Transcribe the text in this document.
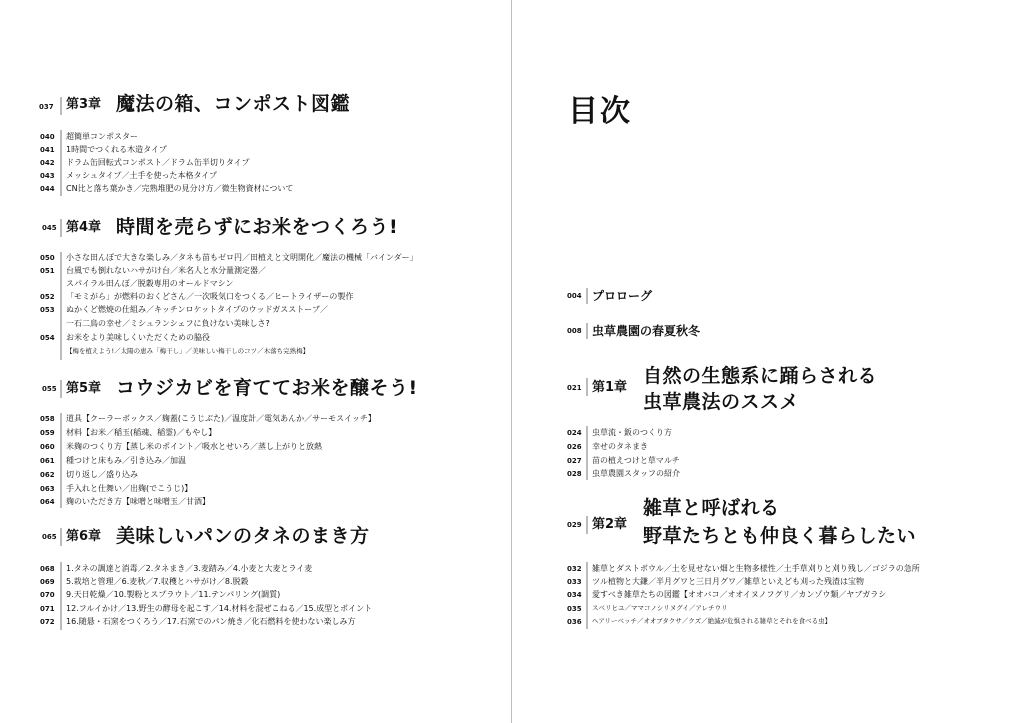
037 第3章 魔法の箱、コンポスト図鑑
040 超簡単コンポスター
041 1時間でつくれる木造タイプ
042 ドラム缶回転式コンポスト／ドラム缶半切りタイプ
043 メッシュタイプ／土手を使った本格タイプ
044 CN比と落ち葉かき／完熟堆肥の見分け方／微生物資材について
045 第4章 時間を売らずにお米をつくろう!
050 小さな田んぼで大きな楽しみ／タネも苗もゼロ円／田植えと文明開化／魔法の機械「バインダー」
051 台風でも倒れないハサがけ台／米名人と水分量測定器／
スパイラル田んぼ／脱穀専用のオールドマシン
052 「モミがら」が燃料のおくどさん／一次吸気口をつくる／ヒートライザーの製作
053 ぬかくど燃焼の仕組み／キッチンロケットタイプのウッドガスストーブ／
一石二鳥の幸せ／ミシュランシェフに負けない美味しさ?
054 お米をより美味しくいただくための脇役
【梅を植えよう!／太陽の恵み「梅干し」／美味しい梅干しのコツ／木落ち完熟梅】
055 第5章 コウジカビを育ててお米を醸そう!
058 道具【クーラーボックス／麹蓋(こうじぶた)／温度計／電気あんか／サーモスイッチ】
059 材料【お米／稲玉(稲魂、稲霊)／もやし】
060 米麹のつくり方【蒸し米のポイント／吸水とせいろ／蒸し上がりと放熱
061 種つけと床もみ／引き込み／加温
062 切り返し／盛り込み
063 手入れと仕舞い／出麹(でこうじ)】
064 麹のいただき方【味噌と味噌玉／甘酒】
065 第6章 美味しいパンのタネのまき方
068 1.タネの調達と消毒／2.タネまき／3.麦踏み／4.小麦と大麦とライ麦
069 5.栽培と管理／6.麦秋／7.収穫とハサがけ／8.脱穀
070 9.天日乾燥／10.製粉とスプラウト／11.テンパリング(調質)
071 12.フルイかけ／13.野生の酵母を起こす／14.材料を混ぜこねる／15.成型とポイント
072 16.随悬・石窯をつくろう／17.石窯でのパン焼き／化石燃料を使わない楽しみ方
目次
004 プロローグ
008 虫草農園の春夏秋冬
021 第1章
自然の生態系に踊らされる
虫草農法のススメ
024 虫草流・鈑のつくり方
026 幸せのタネまき
027 苗の植えつけと草マルチ
028 虫草農園スタッフの紹介
029 第2章
雑草と呼ばれる
野草たちとも仲良く暮らしたい
032 雑草とダストボウル／土を見せない畑と生物多様性／土手草刈りと刈り残し／ゴジラの急所
033 ツル植物と大鎌／半月グワと三日月グワ／雑草といえども刈った残渣は宝物
034 愛すべき雑草たちの図鑑【オオバコ／オオイヌノフグリ／カンゾウ類／ヤブガラシ
035 スベリヒユ／ママコノシリヌグイ／アレチウリ
036 ヘアリーベッチ／オオブタクサ／クズ／絶滅が危惧される雑草とそれを食べる虫】
